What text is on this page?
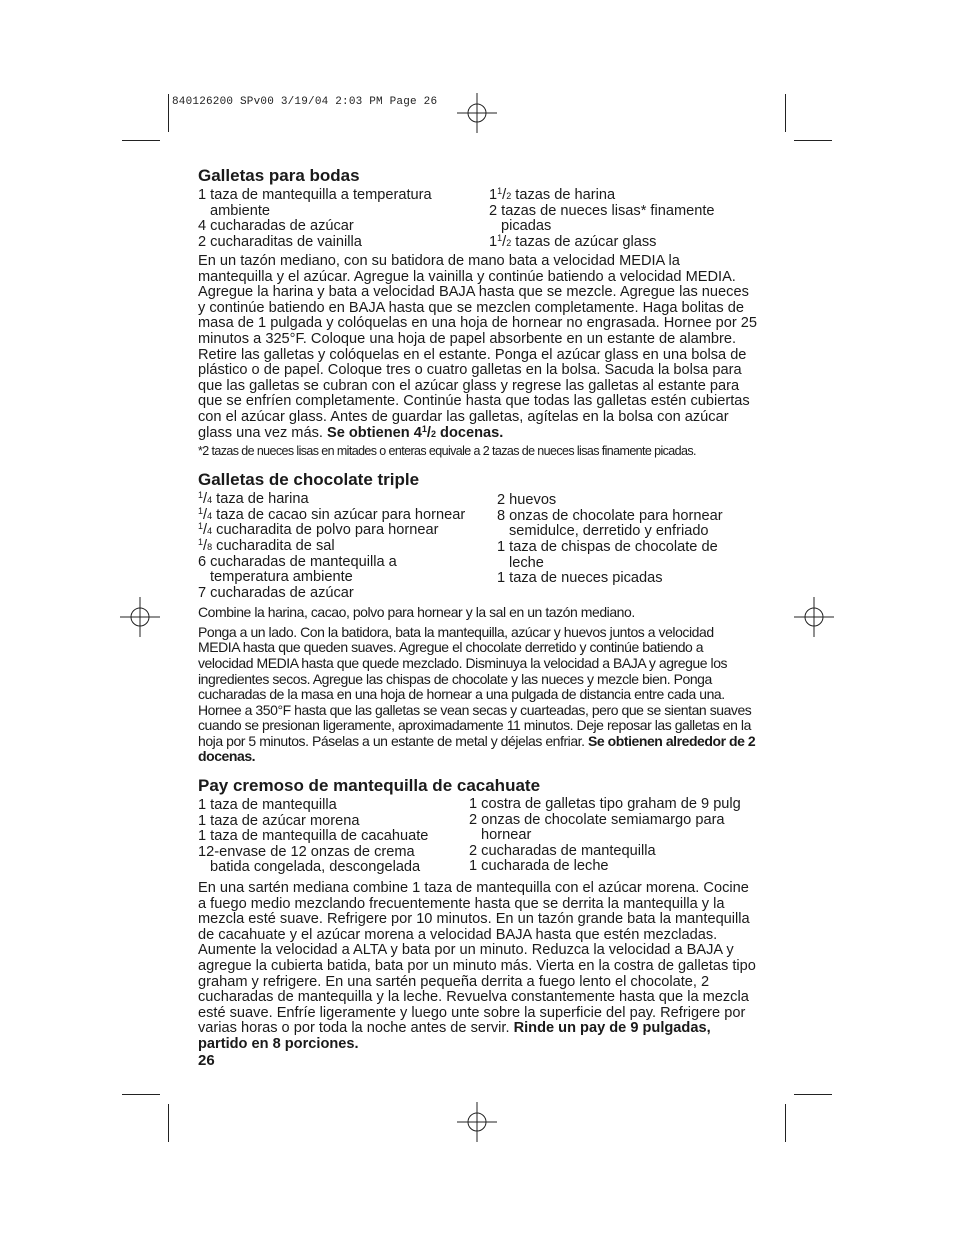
840126200 SPv00 3/19/04 2:03 PM Page 26
Galletas para bodas
1 taza de mantequilla a temperatura
ambiente
4 cucharadas de azúcar
2 cucharaditas de vainilla
$1^1/2$ tazas de harina
2 tazas de nueces lisas* finamente
picadas
$1^1/2$ tazas de azúcar glass

En un tazón mediano, con su batidora de mano bata a velocidad MEDIA la mantequilla y el azúcar. Agregue la vainilla y continúe batiendo a velocidad MEDIA. Agregue la harina y bata a velocidad BAJA hasta que se mezcle. Agregue las nueces y continúe batiendo en BAJA hasta que se mezclen completamente. Haga bolitas de masa de 1 pulgada y colóquelas en una hoja de hornear no engrasada. Hornee por 25 minutos a 325°F. Coloque una hoja de papel absorbente en un estante de alambre. Retire las galletas y colóquelas en el estante. Ponga el azúcar glass en una bolsa de plástico o de papel. Coloque tres o cuatro galletas en la bolsa. Sacuda la bolsa para que las galletas se cubran con el azúcar glass y regrese las galletas al estante para que se enfríen completamente. Continúe hasta que todas las galletas estén cubiertas con el azúcar glass. Antes de guardar las galletas, agítelas en la bolsa con azúcar glass una vez más. Se obtienen $4^1/2$ docenas.

*2 tazas de nueces lisas en mitades o enteras equivale a 2 tazas de nueces lisas finamente picadas.

Galletas de chocolate triple
$^1$/4 taza de harina
$^1$/4 taza de cacao sin azúcar para hornear
$^1$/4 cucharadita de polvo para hornear
$^1$/8 cucharadita de sal
6 cucharadas de mantequilla a
temperatura ambiente
7 cucharadas de azúcar
2 huevos
8 onzas de chocolate para hornear
semidulce, derretido y enfriado
1 taza de chispas de chocolate de
leche
1 taza de nueces picadas

Combine la harina, cacao, polvo para hornear y la sal en un tazón mediano.

Ponga a un lado. Con la batidora, bata la mantequilla, azúcar y huevos juntos a velocidad MEDIA hasta que queden suaves. Agregue el chocolate derretido y continúe batiendo a velocidad MEDIA hasta que quede mezclado. Disminuya la velocidad a BAJA y agregue los ingredientes secos. Agregue las chispas de chocolate y las nueces y mezcle bien. Ponga cucharadas de la masa en una hoja de hornear a una pulgada de distancia entre cada una. Hornee a 350°F hasta que las galletas se vean secas y cuarteadas, pero que se sientan suaves cuando se presionan ligeramente, aproximadamente 11 minutos. Deje reposar las galletas en la hoja por 5 minutos. Páselas a un estante de metal y déjelas enfriar. Se obtienen alrededor de 2 docenas.

Pay cremoso de mantequilla de cacahuate
1 taza de mantequilla
1 taza de azúcar morena
1 taza de mantequilla de cacahuate
12-envase de 12 onzas de crema
batida congelada, descongelada
1 costra de galletas tipo graham de 9 pulg
2 onzas de chocolate semiamargo para
hornear
2 cucharadas de mantequilla
1 cucharada de leche

En una sartén mediana combine 1 taza de mantequilla con el azúcar morena. Cocine a fuego medio mezclando frecuentemente hasta que se derrita la mantequilla y la mezcla esté suave. Refrigere por 10 minutos. En un tazón grande bata la mantequilla de cacahuate y el azúcar morena a velocidad BAJA hasta que estén mezcladas. Aumente la velocidad a ALTA y bata por un minuto. Reduzca la velocidad a BAJA y agregue la cubierta batida, bata por un minuto más. Vierta en la costra de galletas tipo graham y refrigere. En una sartén pequeña derrita a fuego lento el chocolate, 2 cucharadas de mantequilla y la leche. Revuelva constantemente hasta que la mezcla esté suave. Enfríe ligeramente y luego unte sobre la superficie del pay. Refrigere por varias horas o por toda la noche antes de servir. Rinde un pay de 9 pulgadas, partido en 8 porciones.

26
